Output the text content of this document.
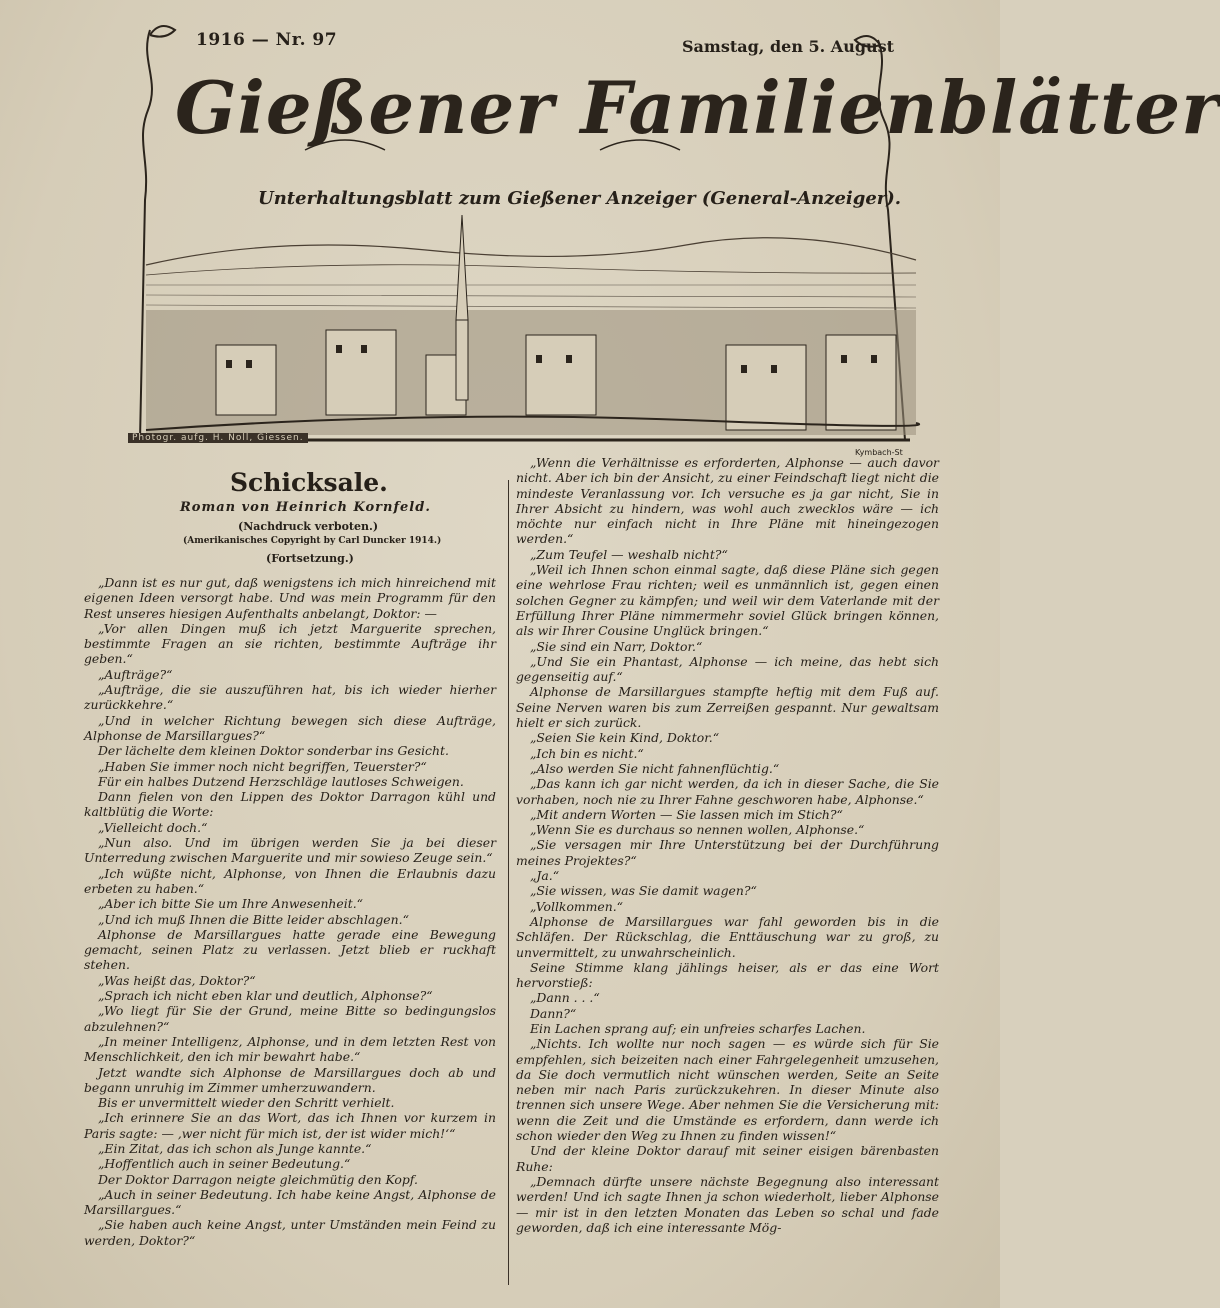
1916 — Nr. 97	Samstag, den 5. August
Gießener Familienblätter
Unterhaltungsblatt zum Gießener Anzeiger (General-Anzeiger).
Photogr. aufg. H. Noll, Giessen.
Kymbach-St
Schicksale.
Roman von Heinrich Kornfeld.
(Nachdruck verboten.)
(Amerikanisches Copyright by Carl Duncker 1914.)
(Fortsetzung.)

„Dann ist es nur gut, daß wenigstens ich mich hinreichend mit eigenen Ideen versorgt habe. Und was mein Programm für den Rest unseres hiesigen Aufenthalts anbelangt, Doktor: —

„Vor allen Dingen muß ich jetzt Marguerite sprechen, bestimmte Fragen an sie richten, bestimmte Aufträge ihr geben.“

„Aufträge?“

„Aufträge, die sie auszuführen hat, bis ich wieder hierher zurückkehre.“

„Und in welcher Richtung bewegen sich diese Aufträge, Alphonse de Marsillargues?“

Der lächelte dem kleinen Doktor sonderbar ins Gesicht.

„Haben Sie immer noch nicht begriffen, Teuerster?“

Für ein halbes Dutzend Herzschläge lautloses Schweigen.

Dann fielen von den Lippen des Doktor Darragon kühl und kaltblütig die Worte:

„Vielleicht doch.“

„Nun also. Und im übrigen werden Sie ja bei dieser Unterredung zwischen Marguerite und mir sowieso Zeuge sein.“

„Ich wüßte nicht, Alphonse, von Ihnen die Erlaubnis dazu erbeten zu haben.“

„Aber ich bitte Sie um Ihre Anwesenheit.“

„Und ich muß Ihnen die Bitte leider abschlagen.“

Alphonse de Marsillargues hatte gerade eine Bewegung gemacht, seinen Platz zu verlassen. Jetzt blieb er ruckhaft stehen.

„Was heißt das, Doktor?“

„Sprach ich nicht eben klar und deutlich, Alphonse?“

„Wo liegt für Sie der Grund, meine Bitte so bedingungslos abzulehnen?“

„In meiner Intelligenz, Alphonse, und in dem letzten Rest von Menschlichkeit, den ich mir bewahrt habe.“

Jetzt wandte sich Alphonse de Marsillargues doch ab und begann unruhig im Zimmer umherzuwandern.

Bis er unvermittelt wieder den Schritt verhielt.

„Ich erinnere Sie an das Wort, das ich Ihnen vor kurzem in Paris sagte: — ‚wer nicht für mich ist, der ist wider mich!‘“

„Ein Zitat, das ich schon als Junge kannte.“

„Hoffentlich auch in seiner Bedeutung.“

Der Doktor Darragon neigte gleichmütig den Kopf.

„Auch in seiner Bedeutung. Ich habe keine Angst, Alphonse de Marsillargues.“

„Sie haben auch keine Angst, unter Umständen mein Feind zu werden, Doktor?“

„Wenn die Verhältnisse es erforderten, Alphonse — auch davor nicht. Aber ich bin der Ansicht, zu einer Feindschaft liegt nicht die mindeste Veranlassung vor. Ich versuche es ja gar nicht, Sie in Ihrer Absicht zu hindern, was wohl auch zwecklos wäre — ich möchte nur einfach nicht in Ihre Pläne mit hineingezogen werden.“

„Zum Teufel — weshalb nicht?“

„Weil ich Ihnen schon einmal sagte, daß diese Pläne sich gegen eine wehrlose Frau richten; weil es unmännlich ist, gegen einen solchen Gegner zu kämpfen; und weil wir dem Vaterlande mit der Erfüllung Ihrer Pläne nimmermehr soviel Glück bringen können, als wir Ihrer Cousine Unglück bringen.“

„Sie sind ein Narr, Doktor.“

„Und Sie ein Phantast, Alphonse — ich meine, das hebt sich gegenseitig auf.“

Alphonse de Marsillargues stampfte heftig mit dem Fuß auf. Seine Nerven waren bis zum Zerreißen gespannt. Nur gewaltsam hielt er sich zurück.

„Seien Sie kein Kind, Doktor.“

„Ich bin es nicht.“

„Also werden Sie nicht fahnenflüchtig.“

„Das kann ich gar nicht werden, da ich in dieser Sache, die Sie vorhaben, noch nie zu Ihrer Fahne geschworen habe, Alphonse.“

„Mit andern Worten — Sie lassen mich im Stich?“

„Wenn Sie es durchaus so nennen wollen, Alphonse.“

„Sie versagen mir Ihre Unterstützung bei der Durchführung meines Projektes?“

„Ja.“

„Sie wissen, was Sie damit wagen?“

„Vollkommen.“

Alphonse de Marsillargues war fahl geworden bis in die Schläfen. Der Rückschlag, die Enttäuschung war zu groß, zu unvermittelt, zu unwahrscheinlich.

Seine Stimme klang jählings heiser, als er das eine Wort hervorstieß:

„Dann . . .“

Dann?“

Ein Lachen sprang auf; ein unfreies scharfes Lachen.

„Nichts. Ich wollte nur noch sagen — es würde sich für Sie empfehlen, sich beizeiten nach einer Fahrgelegenheit umzusehen, da Sie doch vermutlich nicht wünschen werden, Seite an Seite neben mir nach Paris zurückzukehren. In dieser Minute also trennen sich unsere Wege. Aber nehmen Sie die Versicherung mit: wenn die Zeit und die Umstände es erfordern, dann werde ich schon wieder den Weg zu Ihnen zu finden wissen!“

Und der kleine Doktor darauf mit seiner eisigen bärenbasten Ruhe:

„Demnach dürfte unsere nächste Begegnung also interessant werden! Und ich sagte Ihnen ja schon wiederholt, lieber Alphonse — mir ist in den letzten Monaten das Leben so schal und fade geworden, daß ich eine interessante Mög-
